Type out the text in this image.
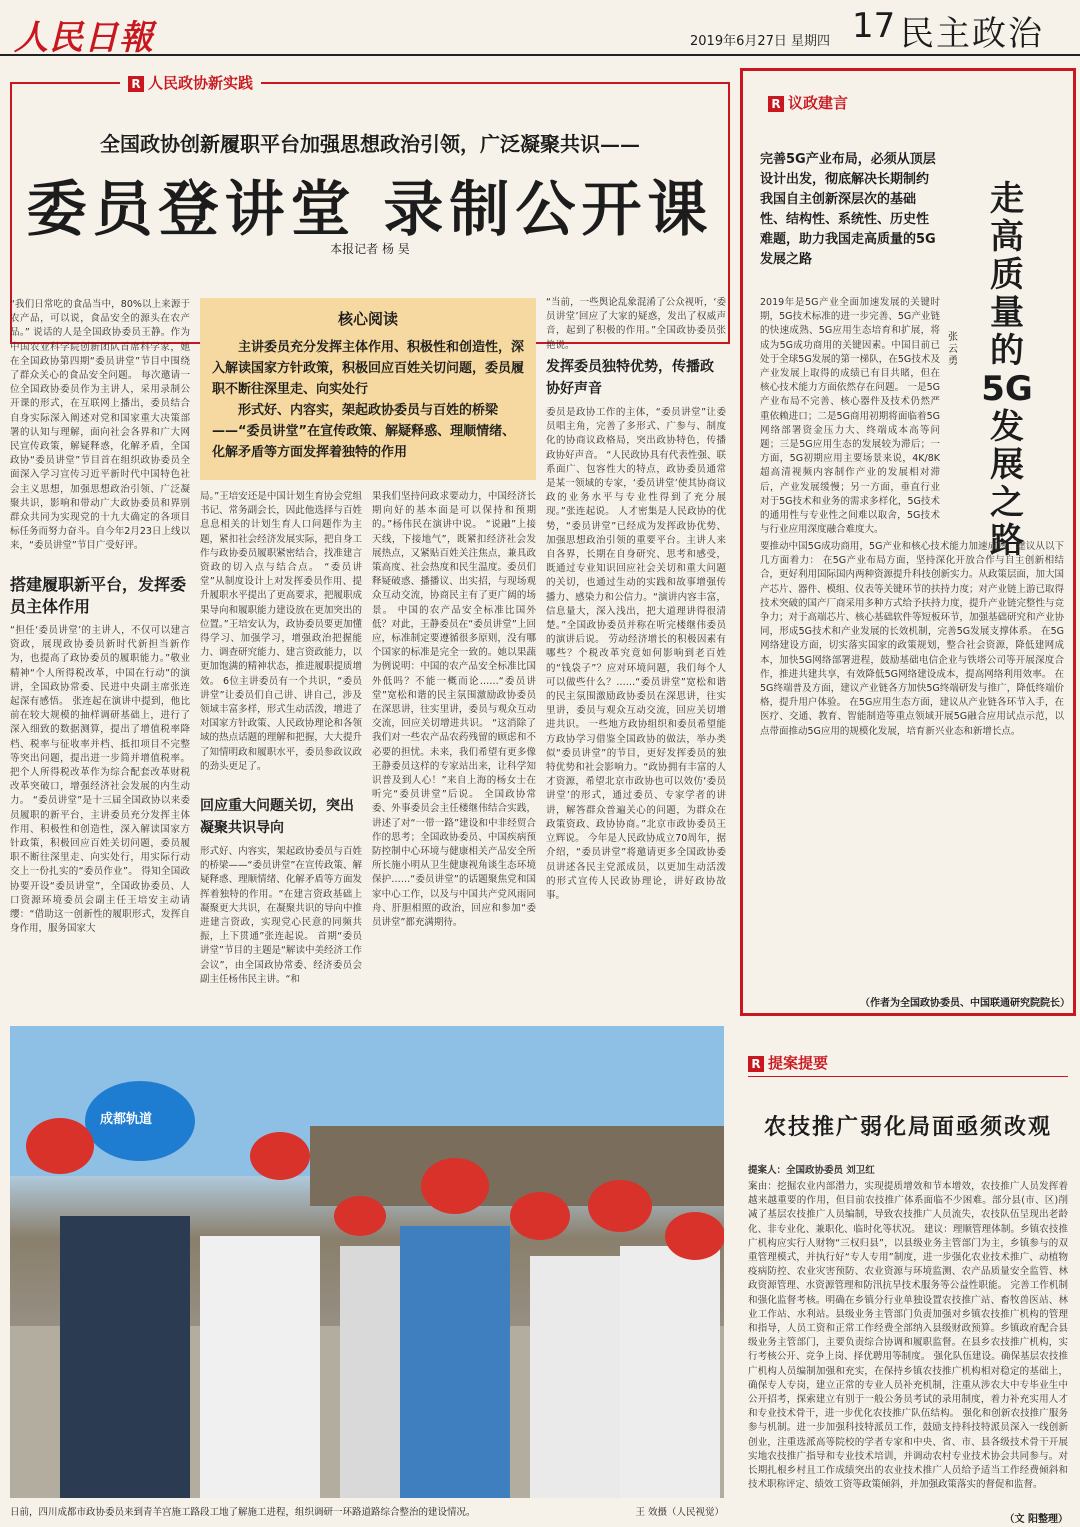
人民日報	2019年6月27日 星期四 17 民主政治
R 人民政协新实践
全国政协创新履职平台加强思想政治引领，广泛凝聚共识——
委员登讲堂 录制公开课
本报记者 杨 昊
“我们日常吃的食品当中，80%以上来源于农产品，可以说，食品安全的源头在农产品。” 说话的人是全国政协委员王静。作为中国农业科学院创新团队首席科学家，她在全国政协第四期“委员讲堂”节目中围绕了群众关心的食品安全问题。 每次邀请一位全国政协委员作为主讲人，采用录制公开课的形式，在互联网上播出，委员结合自身实际深入阐述对党和国家重大决策部署的认知与理解，面向社会各界和广大网民宣传政策，解疑释惑，化解矛盾，全国政协“委员讲堂”节目首在组织政协委员全面深入学习宣传习近平新时代中国特色社会主义思想，加强思想政治引领、广泛凝聚共识，影响和带动广大政协委员和界别群众共同为实现党的十九大确定的各项目标任务而努力奋斗。自今年2月23日上线以来，“委员讲堂”节目广受好评。
搭建履职新平台，发挥委员主体作用
“担任‘委员讲堂’的主讲人，不仅可以建言资政，展现政协委员新时代新担当新作为，也提高了政协委员的履职能力。”敬业精神“个人所得税改革，中国在行动”的演讲，全国政协常委、民进中央副主席张连起深有感悟。 张连起在演讲中提到，他比前在较大规模的抽样调研基础上，进行了深入细致的数据测算，提出了增值税率降档、税率与征收率并档、抵扣项目不完整等突出问题，提出进一步简并增值税率。把个人所得税改革作为综合配套改革财税改革突破口，增强经济社会发展的内生动力。 “委员讲堂”是十三届全国政协以来委员履职的新平台，主讲委员充分发挥主体作用、积极性和创造性，深入解读国家方针政策，积极回应百姓关切问题，委员履职不断往深里走、向实处行，用实际行动交上一份扎实的“委员作业”。 得知全国政协要开设“委员讲堂”，全国政协委员、人口资源环境委员会副主任王培安主动请缨：“借助这一创新性的履职形式，发挥自身作用，服务国家大
核心阅读

主讲委员充分发挥主体作用、积极性和创造性，深入解读国家方针政策，积极回应百姓关切问题，委员履职不断往深里走、向实处行

形式好、内容实，架起政协委员与百姓的桥梁——“委员讲堂”在宣传政策、解疑释惑、理顺情绪、化解矛盾等方面发挥着独特的作用

局。”王培安还是中国计划生育协会党组书记、常务副会长，因此他选择与百姓息息相关的计划生育人口问题作为主题，紧扣社会经济发展实际，把自身工作与政协委员履职紧密结合，找准建言资政的切入点与结合点。 “委员讲堂”从制度设计上对发挥委员作用、提升履职水平提出了更高要求，把履职成果导向和履职能力建设放在更加突出的位置。”王培安认为，政协委员要更加懂得学习、加强学习，增强政治把握能力、调查研究能力、建言资政能力，以更加饱满的精神状态，推进履职提质增效。 6位主讲委员有一个共识，“委员讲堂”让委员们自己讲、讲自己，涉及领域丰富多样，形式生动活泼，增进了对国家方针政策、人民政协理论和各领域的热点话题的理解和把握，大大提升了知情明政和履职水平，委员参政议政的劲头更足了。
回应重大问题关切，突出凝聚共识导向
形式好、内容实，架起政协委员与百姓的桥梁——“委员讲堂”在宣传政策、解疑释惑、理顺情绪、化解矛盾等方面发挥着独特的作用。“在建言资政基础上凝聚更大共识，在凝聚共识的导向中推进建言资政，实现党心民意的同频共振，上下贯通”张连起说。 首期“委员讲堂”节目的主题是“解读中美经济工作会议”，由全国政协常委、经济委员会副主任杨伟民主讲。“和
果我们坚持问政求要动力，中国经济长期向好的基本面是可以保持和预期的。”杨伟民在演讲中说。 “说融”上接天线，下接地气”，既紧扣经济社会发展热点，又紧贴百姓关注焦点，兼具政策高度、社会热度和民生温度。委员们释疑破惑、播播议、出实招，与现场观众互动交流，协商民主有了更广阔的场景。 中国的农产品安全标准比国外低？对此，王静委员在“委员讲堂”上回应，标准制定要遵循很多原则，没有哪个国家的标准是完全一致的。她以果蔬为例说明：中国的农产品安全标准比国外低吗？不能一概而论……“委员讲堂”宽松和谐的民主氛围激励政协委员在深思讲，往实里讲，委员与观众互动交流，回应关切增进共识。 “这消除了我们对一些农产品农药残留的顾虑和不必要的担忧。未来，我们希望有更多像王静委员这样的专家站出来，让科学知识普及到人心！”来自上海的杨女士在听完“委员讲堂”后说。 全国政协常委、外事委员会主任楼继伟结合实践，讲述了对“一带一路”建设和中非经贸合作的思考；全国政协委员、中国疾病预防控制中心环境与健康相关产品安全所所长施小明从卫生健康视角谈生态环境保护……“委员讲堂”的话题聚焦党和国家中心工作，以及与中国共产党风雨同舟、肝胆相照的政治，回应和参加“委员讲堂”都充满期待。
“当前，一些舆论乱象混淆了公众视听，‘委员讲堂’回应了大家的疑惑，发出了权威声音，起到了积极的作用。”全国政协委员张艳说。
发挥委员独特优势，传播政协好声音
委员是政协工作的主体，“委员讲堂”让委员唱主角，完善了多形式、广参与、制度化的协商议政格局，突出政协特色，传播政协好声音。 “人民政协具有代表性强、联系面广、包容性大的特点，政协委员通常是某一领域的专家，‘委员讲堂’使其协商议政的业务水平与专业性得到了充分展现。”张连起说。 人才密集是人民政协的优势，“委员讲堂”已经成为发挥政协优势、加强思想政治引领的重要平台。主讲人来自各界，长期在自身研究、思考和感受，既通过专业知识回应社会关切和重大问题的关切，也通过生动的实践和故事增强传播力、感染力和公信力。“演讲内容丰富，信息量大，深入浅出，把大道理讲得很清楚。”全国政协委员并称在听完楼继伟委员的演讲后说。 劳动经济增长的积极因素有哪些？个税改革究竟如何影响到老百姓的“钱袋子”？应对环境问题，我们每个人可以做些什么？……“委员讲堂”宽松和谐的民主氛围激励政协委员在深思讲，往实里讲，委员与观众互动交流，回应关切增进共识。 一些地方政协组织和委员希望能方政协学习借鉴全国政协的做法，举办类似“委员讲堂”的节目，更好发挥委员的独特优势和社会影响力。“政协拥有丰富的人才资源，希望北京市政协也可以效仿‘委员讲堂’的形式，通过委员、专家学者的讲讲，解答群众普遍关心的问题，为群众在政策资政、政协协商。”北京市政协委员王立辉说。 今年是人民政协成立70周年，据介绍，“委员讲堂”将邀请更多全国政协委员讲述各民主党派成员，以更加生动活泼的形式宣传人民政协理论，讲好政协故事。
R 议政建言
完善5G产业布局，必须从顶层设计出发，彻底解决长期制约我国自主创新深层次的基础性、结构性、系统性、历史性难题，助力我国走高质量的5G发展之路
走高质量的5G发展之路
张云勇
2019年是5G产业全面加速发展的关键时期，5G技术标准的进一步完善、5G产业链的快速成熟、5G应用生态培育和扩展，将成为5G成功商用的关键因素。中国目前已处于全球5G发展的第一梯队，在5G技术及产业发展上取得的成绩已有目共睹，但在核心技术能力方面依然存在问题。 一是5G产业布局不完善、核心器件及技术仍然严重依赖进口；二是5G商用初期将面临着5G网络部署资金压力大、终端成本高等问题；三是5G应用生态的发展较为滞后；一方面，5G初期应用主要场景来说，4K/8K超高清视频内容制作产业的发展相对滞后，产业发展缓慢；另一方面，垂直行业对于5G技术和业务的需求多样化，5G技术的通用性与专业性之间难以取舍，5G技术与行业应用深度融合难度大。
要推动中国5G成功商用，5G产业和核心技术能力加速成熟，建议从以下几方面着力： 在5G产业布局方面，坚持深化开放合作与自主创新相结合，更好利用国际国内两种资源提升科技创新实力。从政策层面，加大国产芯片、器件、模组、仪表等关键环节的扶持力度；对产业链上游已取得技术突破的国产厂商采用多种方式给予扶持力度，提升产业链完整性与竞争力；对于高端芯片、核心基础软件等短板环节，加强基础研究和产业协同，形成5G技术和产业发展的长效机制，完善5G发展支撑体系。 在5G网络建设方面，切实落实国家的政策规划，整合社会资源，降低建网成本，加快5G网络部署进程，鼓励基础电信企业与铁塔公司等开展深度合作，推进共建共享，有效降低5G网络建设成本，提高网络利用效率。 在5G终端普及方面，建议产业链各方加快5G终端研发与推广，降低终端价格，提升用户体验。 在5G应用生态方面，建议从产业链各环节入手，在医疗、交通、教育、智能制造等重点领域开展5G融合应用试点示范，以点带面推动5G应用的规模化发展，培育新兴业态和新增长点。
（作者为全国政协委员、中国联通研究院院长）
成都轨道
日前，四川成都市政协委员来到青羊宫施工路段工地了解施工进程，组织调研一环路道路综合整治的建设情况。	王 效摄（人民视觉）
R 提案提要
农技推广弱化局面亟须改观
提案人：全国政协委员 刘卫红
案由：挖掘农业内部潜力，实现提质增效和节本增效，农技推广人员发挥着越来越重要的作用，但目前农技推广体系面临不少困难。部分县(市、区)削减了基层农技推广人员编制，导致农技推广人员流失，农技队伍呈现出老龄化、非专业化、兼职化、临时化等状况。 建议：理顺管理体制。乡镇农技推广机构应实行人财物“三权归县”，以县级业务主管部门为主，乡镇参与的双重管理模式，并执行好“专人专用”制度，进一步强化农业技术推广、动植物疫病防控、农业灾害预防、农业资源与环境监测、农产品质量安全监管、林政资源管理、水资源管理和防汛抗旱技术服务等公益性职能。 完善工作机制和强化监督考核。明确在乡镇分行业单独设置农技推广站、畜牧兽医站、林业工作站、水利站。县级业务主管部门负责加强对乡镇农技推广机构的管理和指导，人员工资和正常工作经费全部纳入县级财政预算。乡镇政府配合县级业务主管部门，主要负责综合协调和履职监督。在县乡农技推广机构，实行考核公开、竞争上岗、择优聘用等制度。 强化队伍建设。确保基层农技推广机构人员编制加强和充实，在保持乡镇农技推广机构相对稳定的基础上，确保专人专岗，建立正常的专业人员补充机制，注重从涉农大中专毕业生中公开招考，探索建立有别于一般公务员考试的录用制度，着力补充实用人才和专业技术骨干，进一步优化农技推广队伍结构。 强化和创新农技推广服务参与机制。进一步加强科技特派员工作，鼓励支持科技特派员深入一线创新创业，注重选派高等院校的学者专家和中央、省、市、县各级技术骨干开展实地农技推广指导和专业技术培训，并调动农村专业技术协会共同参与。对长期扎根乡村且工作成绩突出的农业技术推广人员给予适当工作经费倾斜和技术职称评定、绩效工资等政策倾斜，并加强政策落实的督促和监督。
（文 阳整理）
